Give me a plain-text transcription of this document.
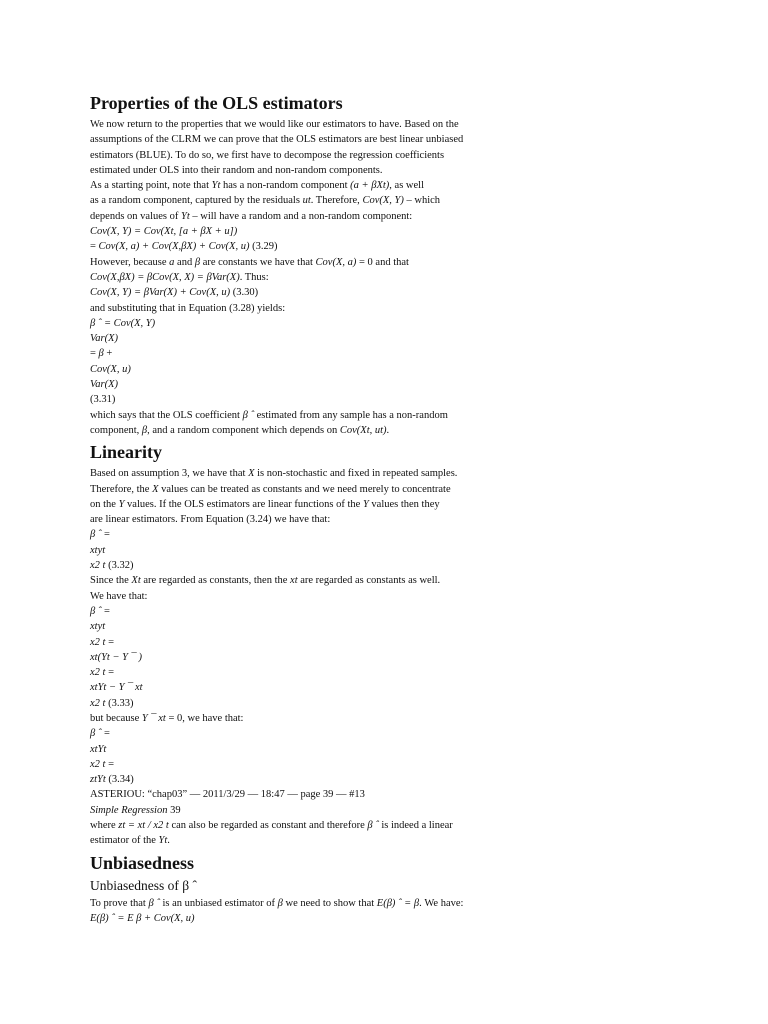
Properties of the OLS estimators
We now return to the properties that we would like our estimators to have. Based on the
assumptions of the CLRM we can prove that the OLS estimators are best linear unbiased
estimators (BLUE). To do so, we first have to decompose the regression coefficients
estimated under OLS into their random and non-random components.
As a starting point, note that Yt has a non-random component (a + βXt), as well
as a random component, captured by the residuals ut. Therefore, Cov(X, Y) – which
depends on values of Yt – will have a random and a non-random component:
Cov(X, Y) = Cov(Xt, [a + βX + u])
= Cov(X, a) + Cov(X,βX) + Cov(X, u) (3.29)
However, because a and β are constants we have that Cov(X, a) = 0 and that
Cov(X,βX) = βCov(X, X) = βVar(X). Thus:
Cov(X, Y) = βVar(X) + Cov(X, u) (3.30)
and substituting that in Equation (3.28) yields:
β ˆ = Cov(X, Y)
Var(X)
= β +
Cov(X, u)
Var(X)
(3.31)
which says that the OLS coefficient β ˆ estimated from any sample has a non-random
component, β, and a random component which depends on Cov(Xt, ut).
Linearity
Based on assumption 3, we have that X is non-stochastic and fixed in repeated samples.
Therefore, the X values can be treated as constants and we need merely to concentrate
on the Y values. If the OLS estimators are linear functions of the Y values then they
are linear estimators. From Equation (3.24) we have that:
β ˆ =
xtyt
x2 t (3.32)
Since the Xt are regarded as constants, then the xt are regarded as constants as well.
We have that:
β ˆ =
xtyt
x2 t =
xt(Yt − Y ¯ )
x2 t =
xtYt − Y ¯ xt
x2 t (3.33)
but because Y ¯ xt = 0, we have that:
β ˆ =
xtYt
x2 t =
ztYt (3.34)
ASTERIOU: “chap03” — 2011/3/29 — 18:47 — page 39 — #13
Simple Regression 39
where zt = xt / x2 t can also be regarded as constant and therefore β ˆ is indeed a linear
estimator of the Yt.
Unbiasedness
Unbiasedness of β ˆ
To prove that β ˆ is an unbiased estimator of β we need to show that E(β) ˆ = β. We have:
E(β) ˆ = E β + Cov(X, u)
